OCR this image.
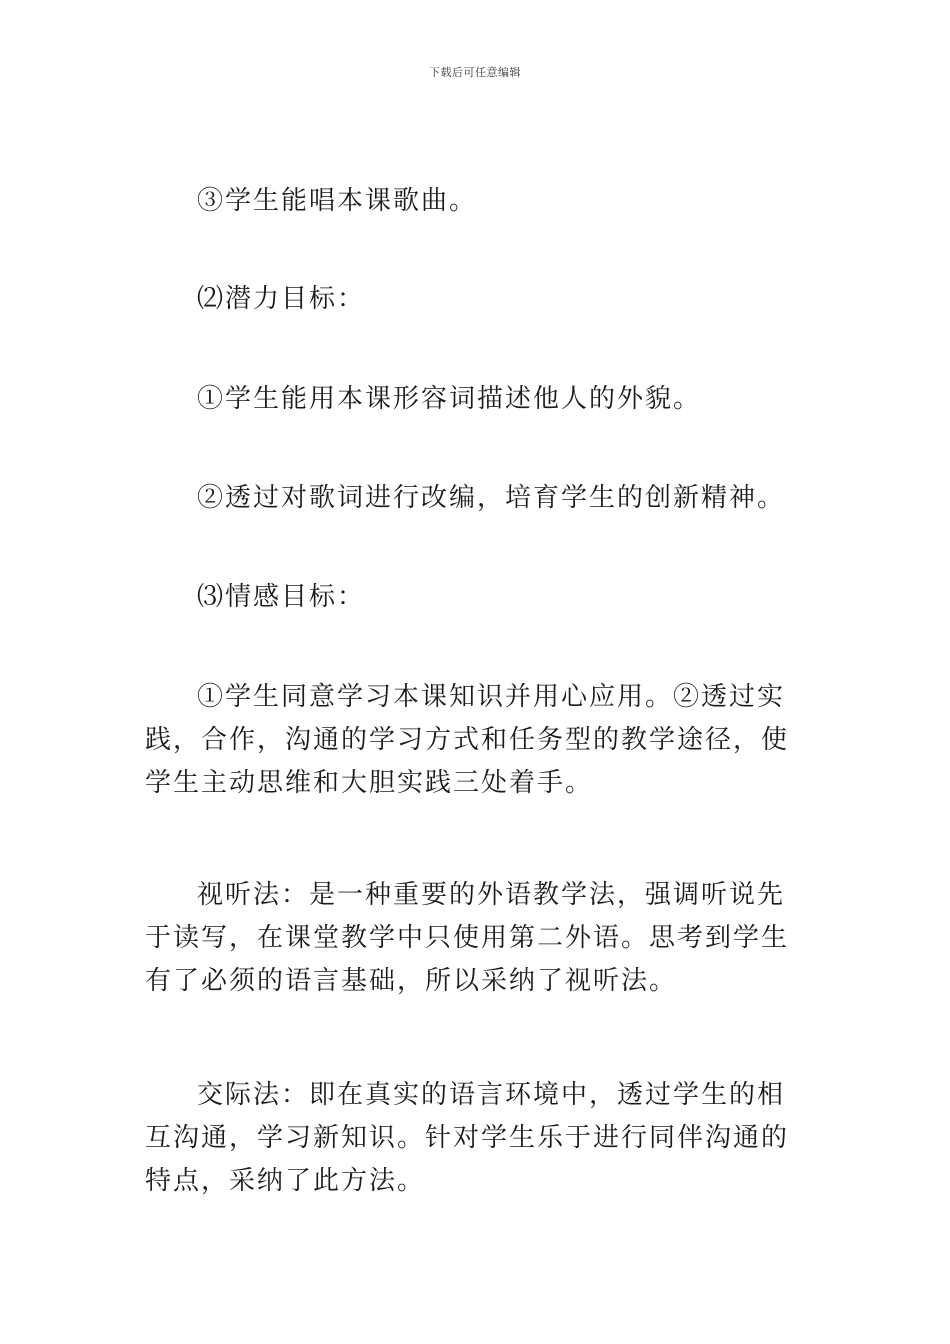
下载后可任意编辑

③学生能唱本课歌曲。

⑵潜力目标：

①学生能用本课形容词描述他人的外貌。

②透过对歌词进行改编，培育学生的创新精神。

⑶情感目标：

①学生同意学习本课知识并用心应用。②透过实践，合作，沟通的学习方式和任务型的教学途径，使学生主动思维和大胆实践三处着手。

视听法：是一种重要的外语教学法，强调听说先于读写，在课堂教学中只使用第二外语。思考到学生有了必须的语言基础，所以采纳了视听法。

交际法：即在真实的语言环境中，透过学生的相互沟通，学习新知识。针对学生乐于进行同伴沟通的特点，采纳了此方法。
